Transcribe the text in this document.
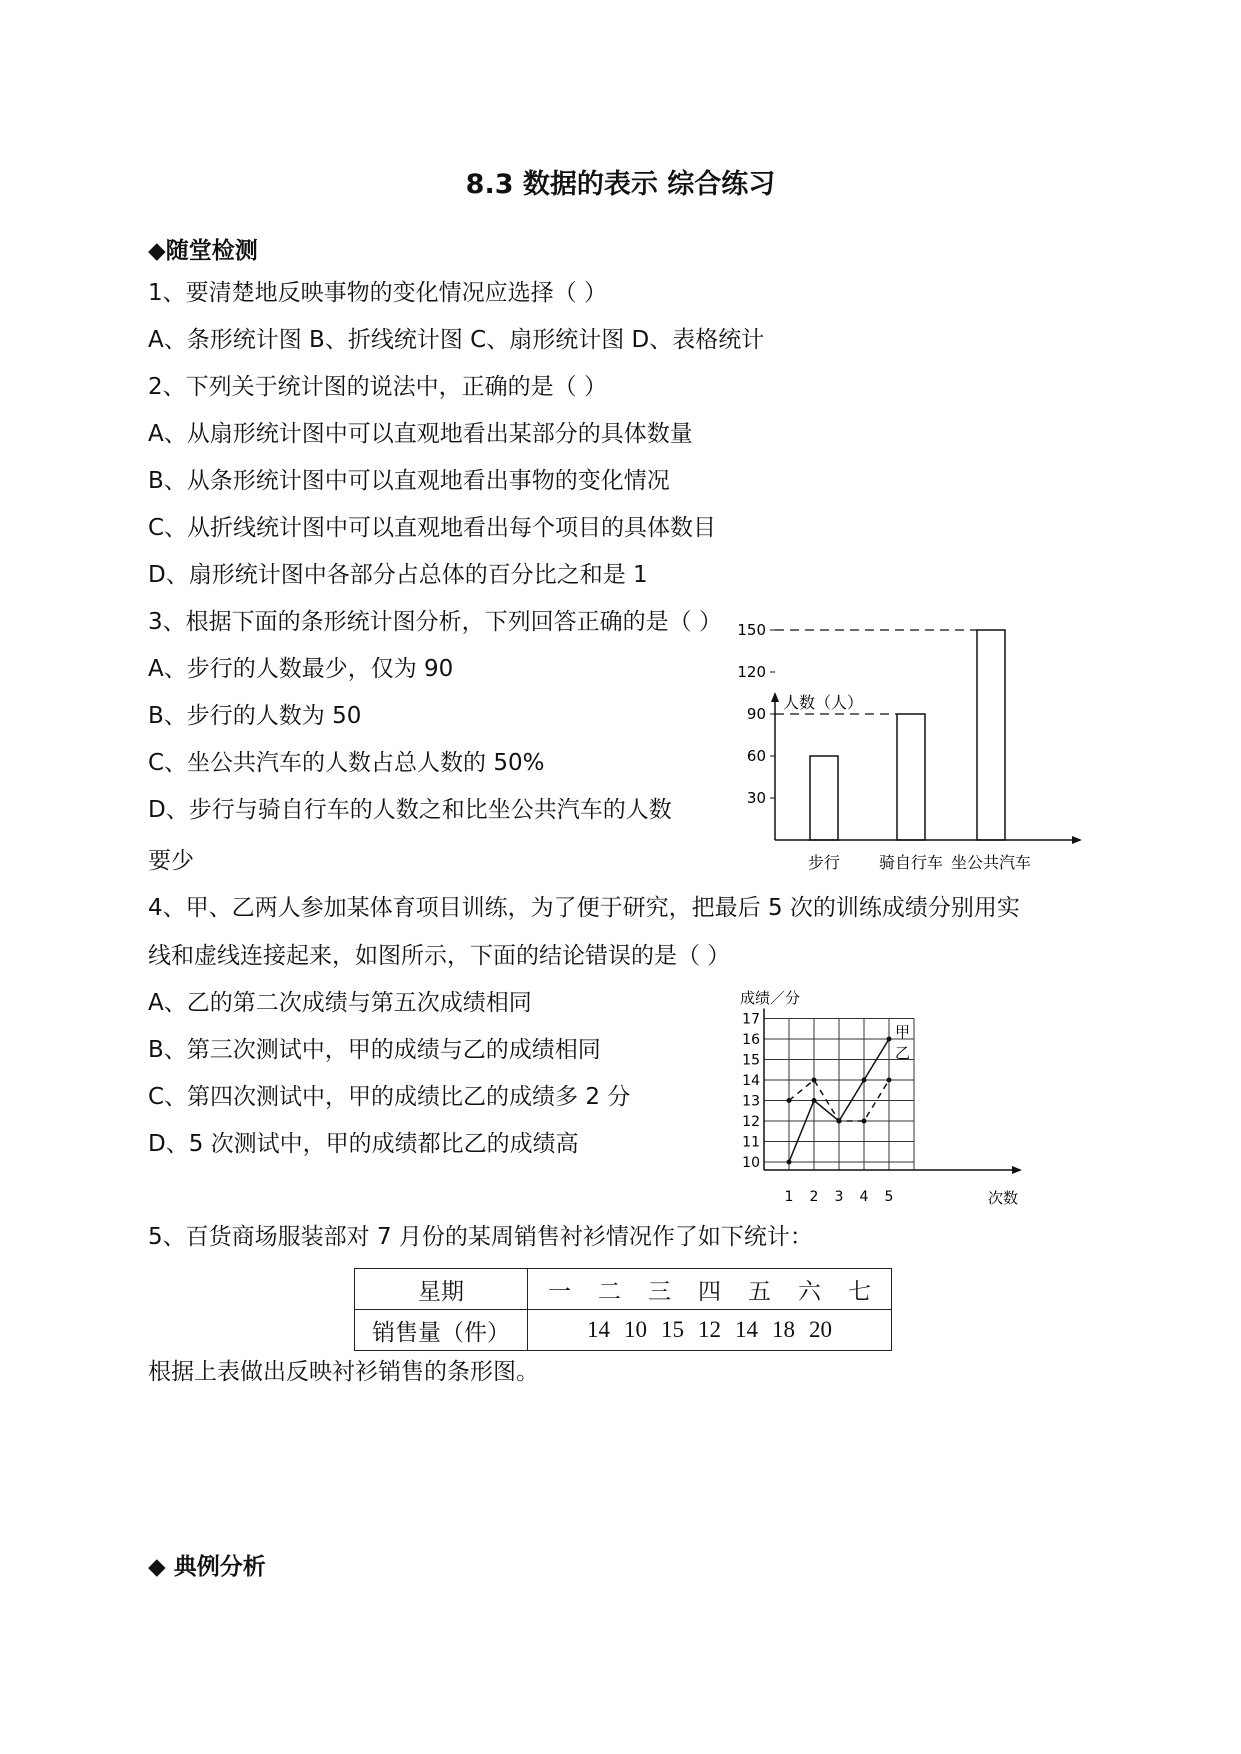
8.3 数据的表示 综合练习
◆随堂检测
1、要清楚地反映事物的变化情况应选择（ ）
A、条形统计图 B、折线统计图 C、扇形统计图 D、表格统计
2、下列关于统计图的说法中，正确的是（ ）
A、从扇形统计图中可以直观地看出某部分的具体数量
B、从条形统计图中可以直观地看出事物的变化情况
C、从折线统计图中可以直观地看出每个项目的具体数目
D、扇形统计图中各部分占总体的百分比之和是 1
3、根据下面的条形统计图分析，下列回答正确的是（ ）
A、步行的人数最少，仅为 90
B、步行的人数为 50
C、坐公共汽车的人数占总人数的 50%
D、步行与骑自行车的人数之和比坐公共汽车的人数
要少
4、甲、乙两人参加某体育项目训练，为了便于研究，把最后 5 次的训练成绩分别用实
线和虚线连接起来，如图所示，下面的结论错误的是（ ）
A、乙的第二次成绩与第五次成绩相同
B、第三次测试中，甲的成绩与乙的成绩相同
C、第四次测试中，甲的成绩比乙的成绩多 2 分
D、5 次测试中，甲的成绩都比乙的成绩高
5、百货商场服装部对 7 月份的某周销售衬衫情况作了如下统计：
星期	一 二 三 四 五 六 七
销售量（件）	14 10 15 12 14 18 20
根据上表做出反映衬衫销售的条形图。
◆ 典例分析
人数（人）
30
60
90
120
150
步行 骑自行车 坐公共汽车
10
11
12
13
14
15
16
17
成绩／分
次数
1 2 3 4 5
甲
乙
